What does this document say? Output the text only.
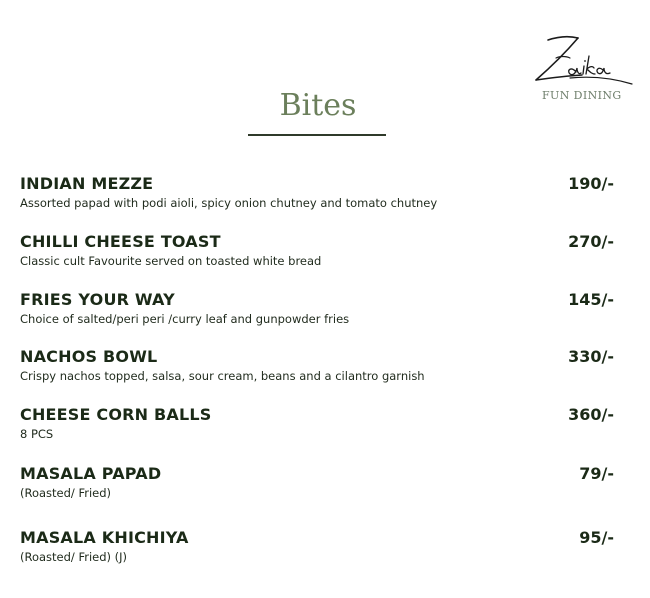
FUN DINING
Bites
INDIAN MEZZE
Assorted papad with podi aioli, spicy onion chutney and tomato chutney
190/-
CHILLI CHEESE TOAST
Classic cult Favourite served on toasted white bread
270/-
FRIES YOUR WAY
Choice of salted/peri peri /curry leaf and gunpowder fries
145/-
NACHOS BOWL
Crispy nachos topped, salsa, sour cream, beans and a cilantro garnish
330/-
CHEESE CORN BALLS
8 PCS
360/-
MASALA PAPAD
(Roasted/ Fried)
79/-
MASALA KHICHIYA
(Roasted/ Fried) (J)
95/-
